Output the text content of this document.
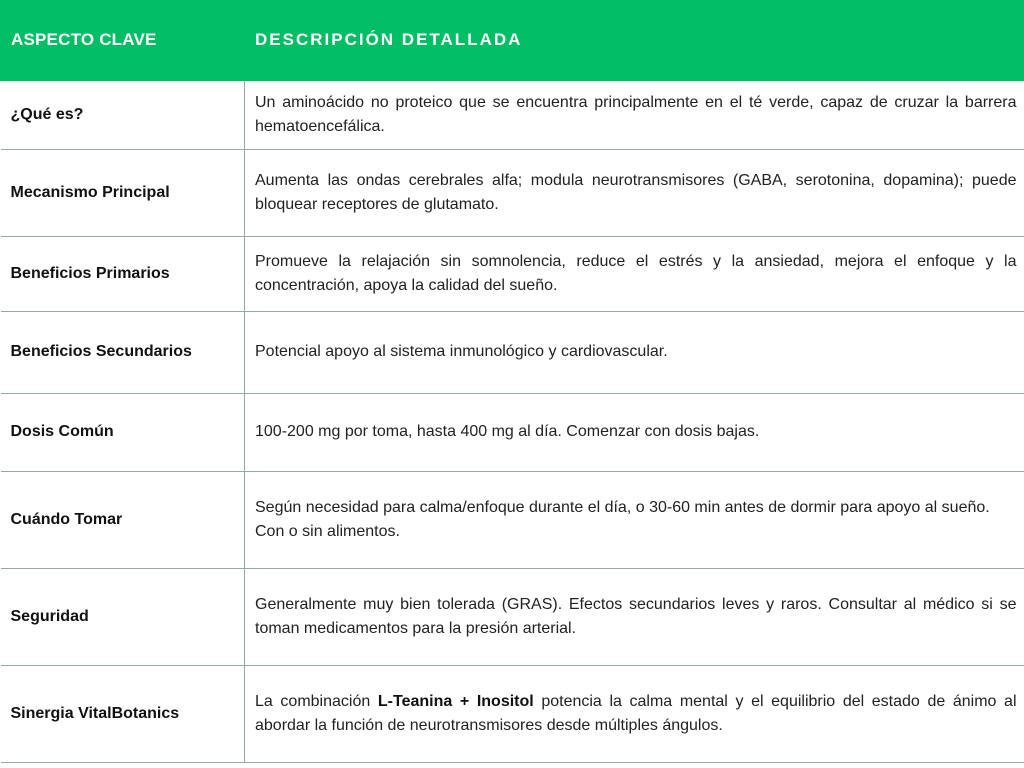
ASPECTO CLAVE	DESCRIPCIÓN DETALLADA
¿Qué es?	Un aminoácido no proteico que se encuentra principalmente en el té verde, capaz de cruzar la barrera hematoencefálica.
Mecanismo Principal	Aumenta las ondas cerebrales alfa; modula neurotransmisores (GABA, serotonina, dopamina); puede bloquear receptores de glutamato.
Beneficios Primarios	Promueve la relajación sin somnolencia, reduce el estrés y la ansiedad, mejora el enfoque y la concentración, apoya la calidad del sueño.
Beneficios Secundarios	Potencial apoyo al sistema inmunológico y cardiovascular.
Dosis Común	100-200 mg por toma, hasta 400 mg al día. Comenzar con dosis bajas.
Cuándo Tomar	Según necesidad para calma/enfoque durante el día, o 30-60 min antes de dormir para apoyo al sueño. Con o sin alimentos.
Seguridad	Generalmente muy bien tolerada (GRAS). Efectos secundarios leves y raros. Consultar al médico si se toman medicamentos para la presión arterial.
Sinergia VitalBotanics	La combinación L-Teanina + Inositol potencia la calma mental y el equilibrio del estado de ánimo al abordar la función de neurotransmisores desde múltiples ángulos.
